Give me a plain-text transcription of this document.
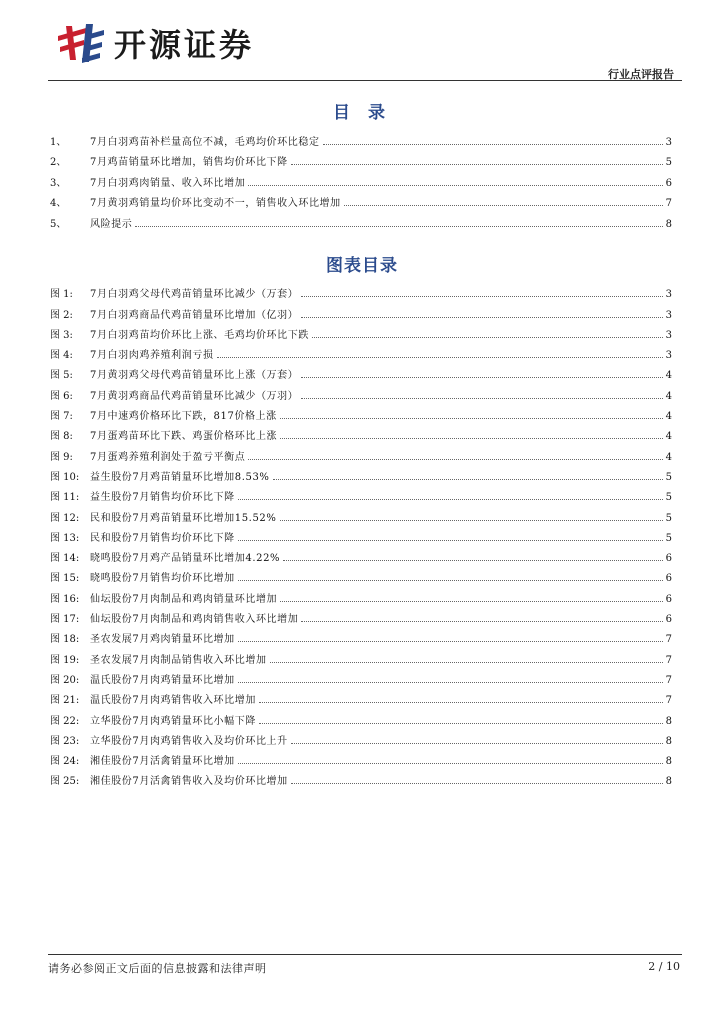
开源证券
行业点评报告
目 录
1、	7月白羽鸡苗补栏量高位不减，毛鸡均价环比稳定	3
2、	7月鸡苗销量环比增加，销售均价环比下降	5
3、	7月白羽鸡肉销量、收入环比增加	6
4、	7月黄羽鸡销量均价环比变动不一，销售收入环比增加	7
5、	风险提示	8
图表目录
图 1:	7月白羽鸡父母代鸡苗销量环比减少（万套）	3
图 2:	7月白羽鸡商品代鸡苗销量环比增加（亿羽）	3
图 3:	7月白羽鸡苗均价环比上涨、毛鸡均价环比下跌	3
图 4:	7月白羽肉鸡养殖利润亏损	3
图 5:	7月黄羽鸡父母代鸡苗销量环比上涨（万套）	4
图 6:	7月黄羽鸡商品代鸡苗销量环比减少（万羽）	4
图 7:	7月中速鸡价格环比下跌，817价格上涨	4
图 8:	7月蛋鸡苗环比下跌、鸡蛋价格环比上涨	4
图 9:	7月蛋鸡养殖利润处于盈亏平衡点	4
图 10:	益生股份7月鸡苗销量环比增加8.53%	5
图 11:	益生股份7月销售均价环比下降	5
图 12:	民和股份7月鸡苗销量环比增加15.52%	5
图 13:	民和股份7月销售均价环比下降	5
图 14:	晓鸣股份7月鸡产品销量环比增加4.22%	6
图 15:	晓鸣股份7月销售均价环比增加	6
图 16:	仙坛股份7月肉制品和鸡肉销量环比增加	6
图 17:	仙坛股份7月肉制品和鸡肉销售收入环比增加	6
图 18:	圣农发展7月鸡肉销量环比增加	7
图 19:	圣农发展7月肉制品销售收入环比增加	7
图 20:	温氏股份7月肉鸡销量环比增加	7
图 21:	温氏股份7月肉鸡销售收入环比增加	7
图 22:	立华股份7月肉鸡销量环比小幅下降	8
图 23:	立华股份7月肉鸡销售收入及均价环比上升	8
图 24:	湘佳股份7月活禽销量环比增加	8
图 25:	湘佳股份7月活禽销售收入及均价环比增加	8
请务必参阅正文后面的信息披露和法律声明	2 / 10
